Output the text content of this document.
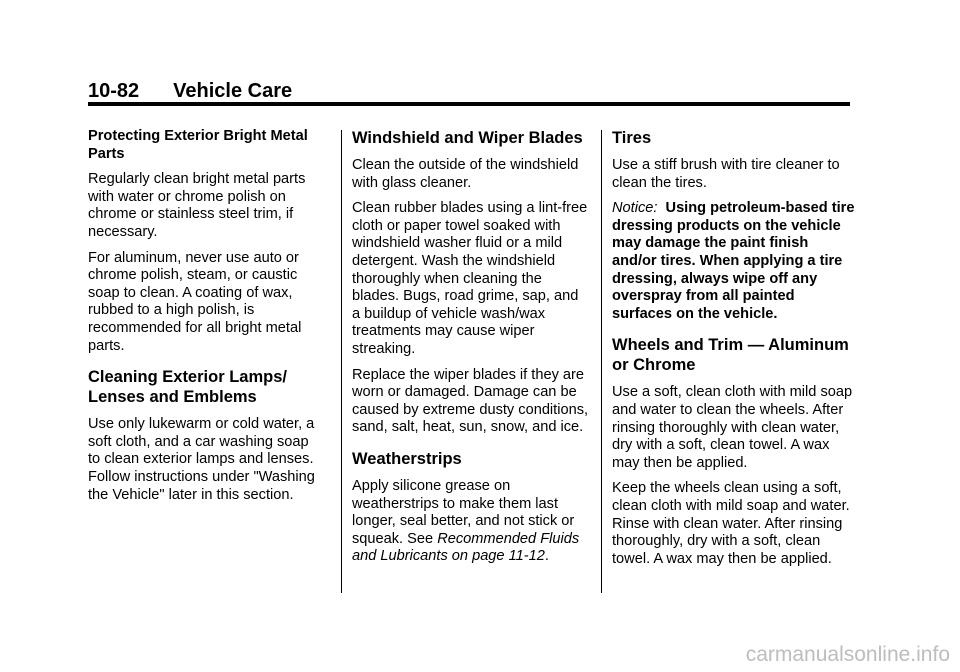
10-82 Vehicle Care

Protecting Exterior Bright Metal Parts

Regularly clean bright metal parts with water or chrome polish on chrome or stainless steel trim, if necessary.

For aluminum, never use auto or chrome polish, steam, or caustic soap to clean. A coating of wax, rubbed to a high polish, is recommended for all bright metal parts.

Cleaning Exterior Lamps/ Lenses and Emblems

Use only lukewarm or cold water, a soft cloth, and a car washing soap to clean exterior lamps and lenses. Follow instructions under "Washing the Vehicle" later in this section.

Windshield and Wiper Blades

Clean the outside of the windshield with glass cleaner.

Clean rubber blades using a lint-free cloth or paper towel soaked with windshield washer fluid or a mild detergent. Wash the windshield thoroughly when cleaning the blades. Bugs, road grime, sap, and a buildup of vehicle wash/wax treatments may cause wiper streaking.

Replace the wiper blades if they are worn or damaged. Damage can be caused by extreme dusty conditions, sand, salt, heat, sun, snow, and ice.

Weatherstrips

Apply silicone grease on weatherstrips to make them last longer, seal better, and not stick or squeak. See Recommended Fluids and Lubricants on page 11-12.

Tires

Use a stiff brush with tire cleaner to clean the tires.

Notice: Using petroleum-based tire dressing products on the vehicle may damage the paint finish and/or tires. When applying a tire dressing, always wipe off any overspray from all painted surfaces on the vehicle.

Wheels and Trim — Aluminum or Chrome

Use a soft, clean cloth with mild soap and water to clean the wheels. After rinsing thoroughly with clean water, dry with a soft, clean towel. A wax may then be applied.

Keep the wheels clean using a soft, clean cloth with mild soap and water. Rinse with clean water. After rinsing thoroughly, dry with a soft, clean towel. A wax may then be applied.

carmanualsonline.info
